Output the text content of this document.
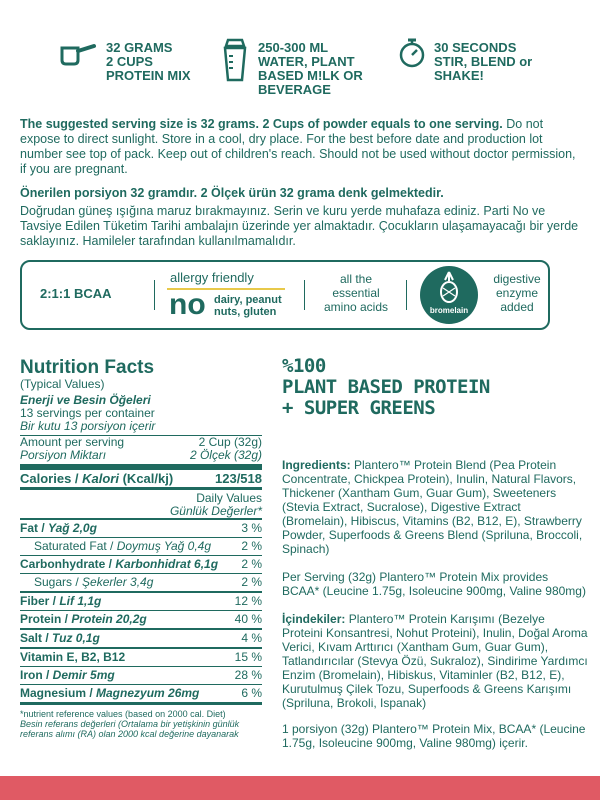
32 GRAMS
2 CUPS
PROTEIN MIX
250-300 ML
WATER, PLANT
BASED M!LK OR
BEVERAGE
30 SECONDS
STIR, BLEND or
SHAKE!
The suggested serving size is 32 grams. 2 Cups of powder equals to one serving. Do not expose to direct sunlight. Store in a cool, dry place. For the best before date and production lot number see top of pack. Keep out of children's reach. Should not be used without doctor permission, if you are pregnant.
Önerilen porsiyon 32 gramdır. 2 Ölçek ürün 32 grama denk gelmektedir.
Doğrudan güneş ışığına maruz bırakmayınız. Serin ve kuru yerde muhafaza ediniz. Parti No ve Tavsiye Edilen Tüketim Tarihi ambalajın üzerinde yer almaktadır. Çocukların ulaşamayacağı bir yerde saklayınız. Hamileler tarafından kullanılmamalıdır.
2:1:1 BCAA
allergy friendly
no dairy, peanut
nuts, gluten
all the
essential
amino acids	bromelain
digestive
enzyme
added
Nutrition Facts
(Typical Values)
Enerji ve Besin Öğeleri
13 servings per container
Bir kutu 13 porsiyon içerir
Amount per serving	2 Cup (32g)
Porsiyon Miktarı	2 Ölçek (32g)
Calories / Kalori (Kcal/kj)	123/518
Daily Values
Günlük Değerler*
Fat / Yağ 2,0g	3 %
Saturated Fat / Doymuş Yağ 0,4g	2 %
Carbonhydrate / Karbonhidrat 6,1g 2 %
Sugars / Şekerler 3,4g	2 %
Fiber / Lif 1,1g	12 %
Protein / Protein 20,2g	40 %
Salt / Tuz 0,1g	4 %
Vitamin E, B2, B12	15 %
Iron / Demir 5mg	28 %
Magnesium / Magnezyum 26mg	6 %
*nutrient reference values (based on 2000 cal. Diet)
Besin referans değerleri (Ortalama bir yetişkinin günlük referans alımı (RA) olan 2000 kcal değerine dayanarak
%100
PLANT BASED PROTEIN
+ SUPER GREENS
Ingredients: Plantero™ Protein Blend (Pea Protein Concentrate, Chickpea Protein), Inulin, Natural Flavors, Thickener (Xantham Gum, Guar Gum), Sweeteners (Stevia Extract, Sucralose), Digestive Extract (Bromelain), Hibiscus, Vitamins (B2, B12, E), Strawberry Powder, Superfoods & Greens Blend (Spriluna, Broccoli, Spinach)
Per Serving (32g) Plantero™ Protein Mix provides BCAA* (Leucine 1.75g, Isoleucine 900mg, Valine 980mg)
İçindekiler: Plantero™ Protein Karışımı (Bezelye Proteini Konsantresi, Nohut Proteini), Inulin, Doğal Aroma Verici, Kıvam Arttırıcı (Xantham Gum, Guar Gum), Tatlandırıcılar (Stevya Özü, Sukraloz), Sindirime Yardımcı Enzim (Bromelain), Hibiskus, Vitaminler (B2, B12, E), Kurutulmuş Çilek Tozu, Superfoods & Greens Karışımı (Spriluna, Brokoli, Ispanak)
1 porsiyon (32g) Plantero™ Protein Mix, BCAA* (Leucine 1.75g, Isoleucine 900mg, Valine 980mg) içerir.
